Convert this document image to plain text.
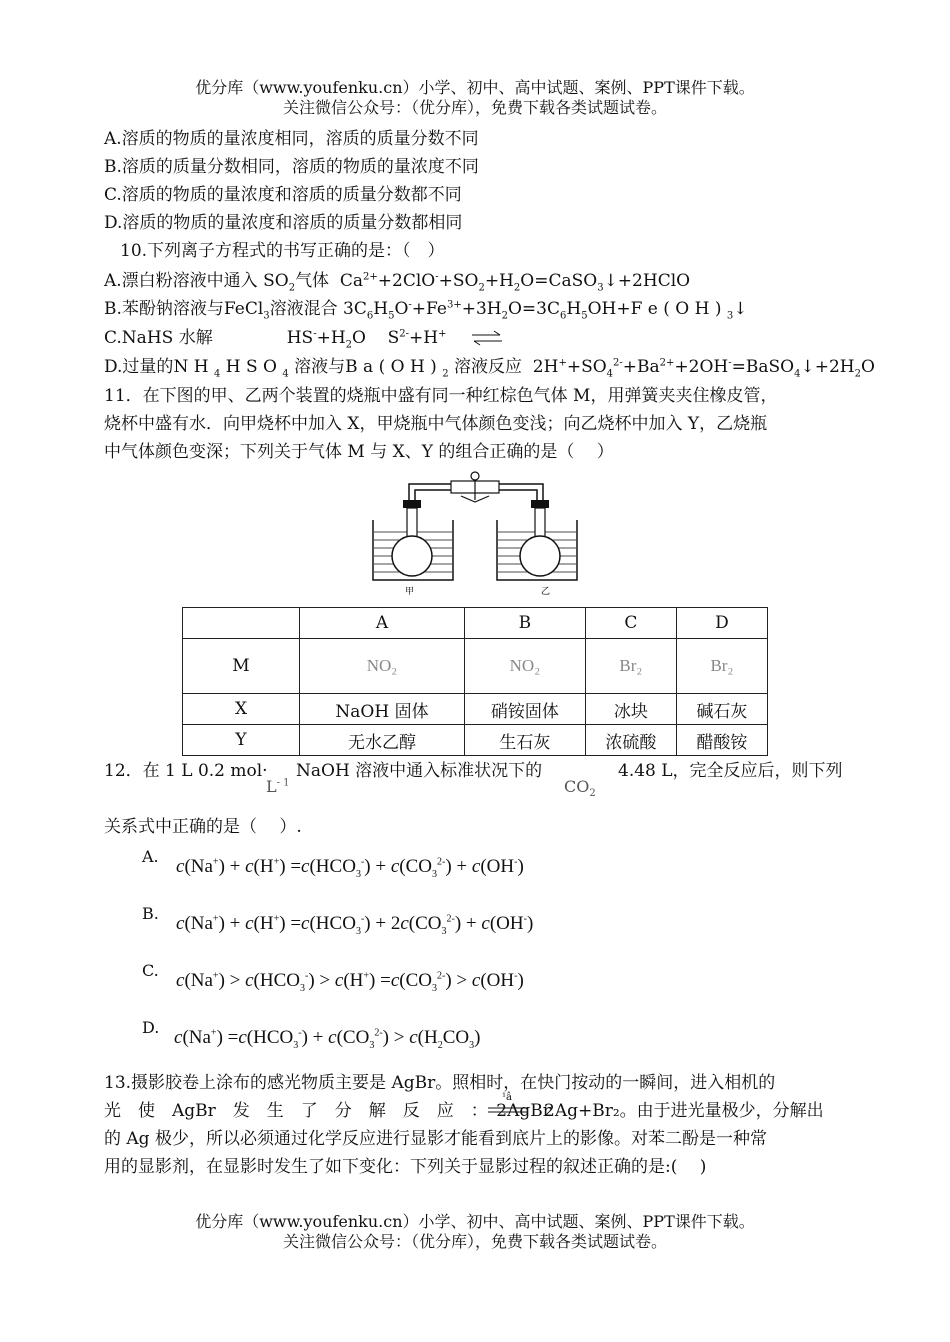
优分库（www.youfenku.cn）小学、初中、高中试题、案例、PPT课件下载。
关注微信公众号：（优分库），免费下载各类试题试卷。
A.溶质的物质的量浓度相同，溶质的质量分数不同
B.溶质的质量分数相同，溶质的物质的量浓度不同
C.溶质的物质的量浓度和溶质的质量分数都不同
D.溶质的物质的量浓度和溶质的质量分数都相同
10.下列离子方程式的书写正确的是：（　）
A.漂白粉溶液中通入 $SO_2$气体  $Ca^{2+}+2ClO^-+SO_2+H_2O=CaSO_3↓+2HClO$
B.苯酚钠溶液与FeCl$_3$溶液混合 $3C_6H_5O^-+Fe^{3+}+3H_2O=3C_6H_5OH+F$ e ( O H ) $_3$↓
C.NaHS 水解	$HS^-+H_2O$    $S^{2-}+H^+$ ⇌
D.过量的N H $_4$ H S O $_4$ 溶液与B a ( O H ) $_2$ 溶液反应  $2H^++SO_4^{2-}+Ba^{2+}+2OH^-=BaSO_4↓+2H_2O$
11．在下图的甲、乙两个装置的烧瓶中盛有同一种红棕色气体 M，用弹簧夹夹住橡皮管，
烧杯中盛有水．向甲烧杯中加入 X，甲烧瓶中气体颜色变浅；向乙烧杯中加入 Y，乙烧瓶
中气体颜色变深；下列关于气体 M 与 X、Y 的组合正确的是（　 ）
甲	乙
	A	B	C	D
M	NO₂	NO₂	Br₂	Br₂
X	NaOH 固体	硝铵固体	冰块	碱石灰
Y	无水乙醇	生石灰	浓硫酸	醋酸铵
12．在 1 L 0.2 mol·
$L^{- 1}$
NaOH 溶液中通入标准状况下的
$CO_2$
4.48 L，完全反应后，则下列
关系式中正确的是（　 ）.
A. $c(Na^+) + c(H^+) =c(HCO_3^-) + c(CO_3^{2-}) + c(OH^-)$
B. $c(Na^+) + c(H^+) =c(HCO_3^-) + 2c(CO_3^{2-}) + c(OH^-)$
C. $c(Na^+) > c(HCO_3^-) > c(H^+) =c(CO_3^{2-}) > c(OH^-)$
D. $c(Na^+) =c(HCO_3^-) + c(CO_3^{2-}) > c(H_2CO_3)$
13.摄影胶卷上涂布的感光物质主要是 AgBr。照相时，在快门按动的一瞬间，进入相机的
光　使　AgBr　发　生　了　分　解　反　应　：　2AgBr
¹â
2Ag+Br₂。由于进光量极少，分解出
的 Ag 极少，所以必须通过化学反应进行显影才能看到底片上的影像。对苯二酚是一种常
用的显影剂，在显影时发生了如下变化：下列关于显影过程的叙述正确的是:(　 )
优分库（www.youfenku.cn）小学、初中、高中试题、案例、PPT课件下载。
关注微信公众号：（优分库），免费下载各类试题试卷。
